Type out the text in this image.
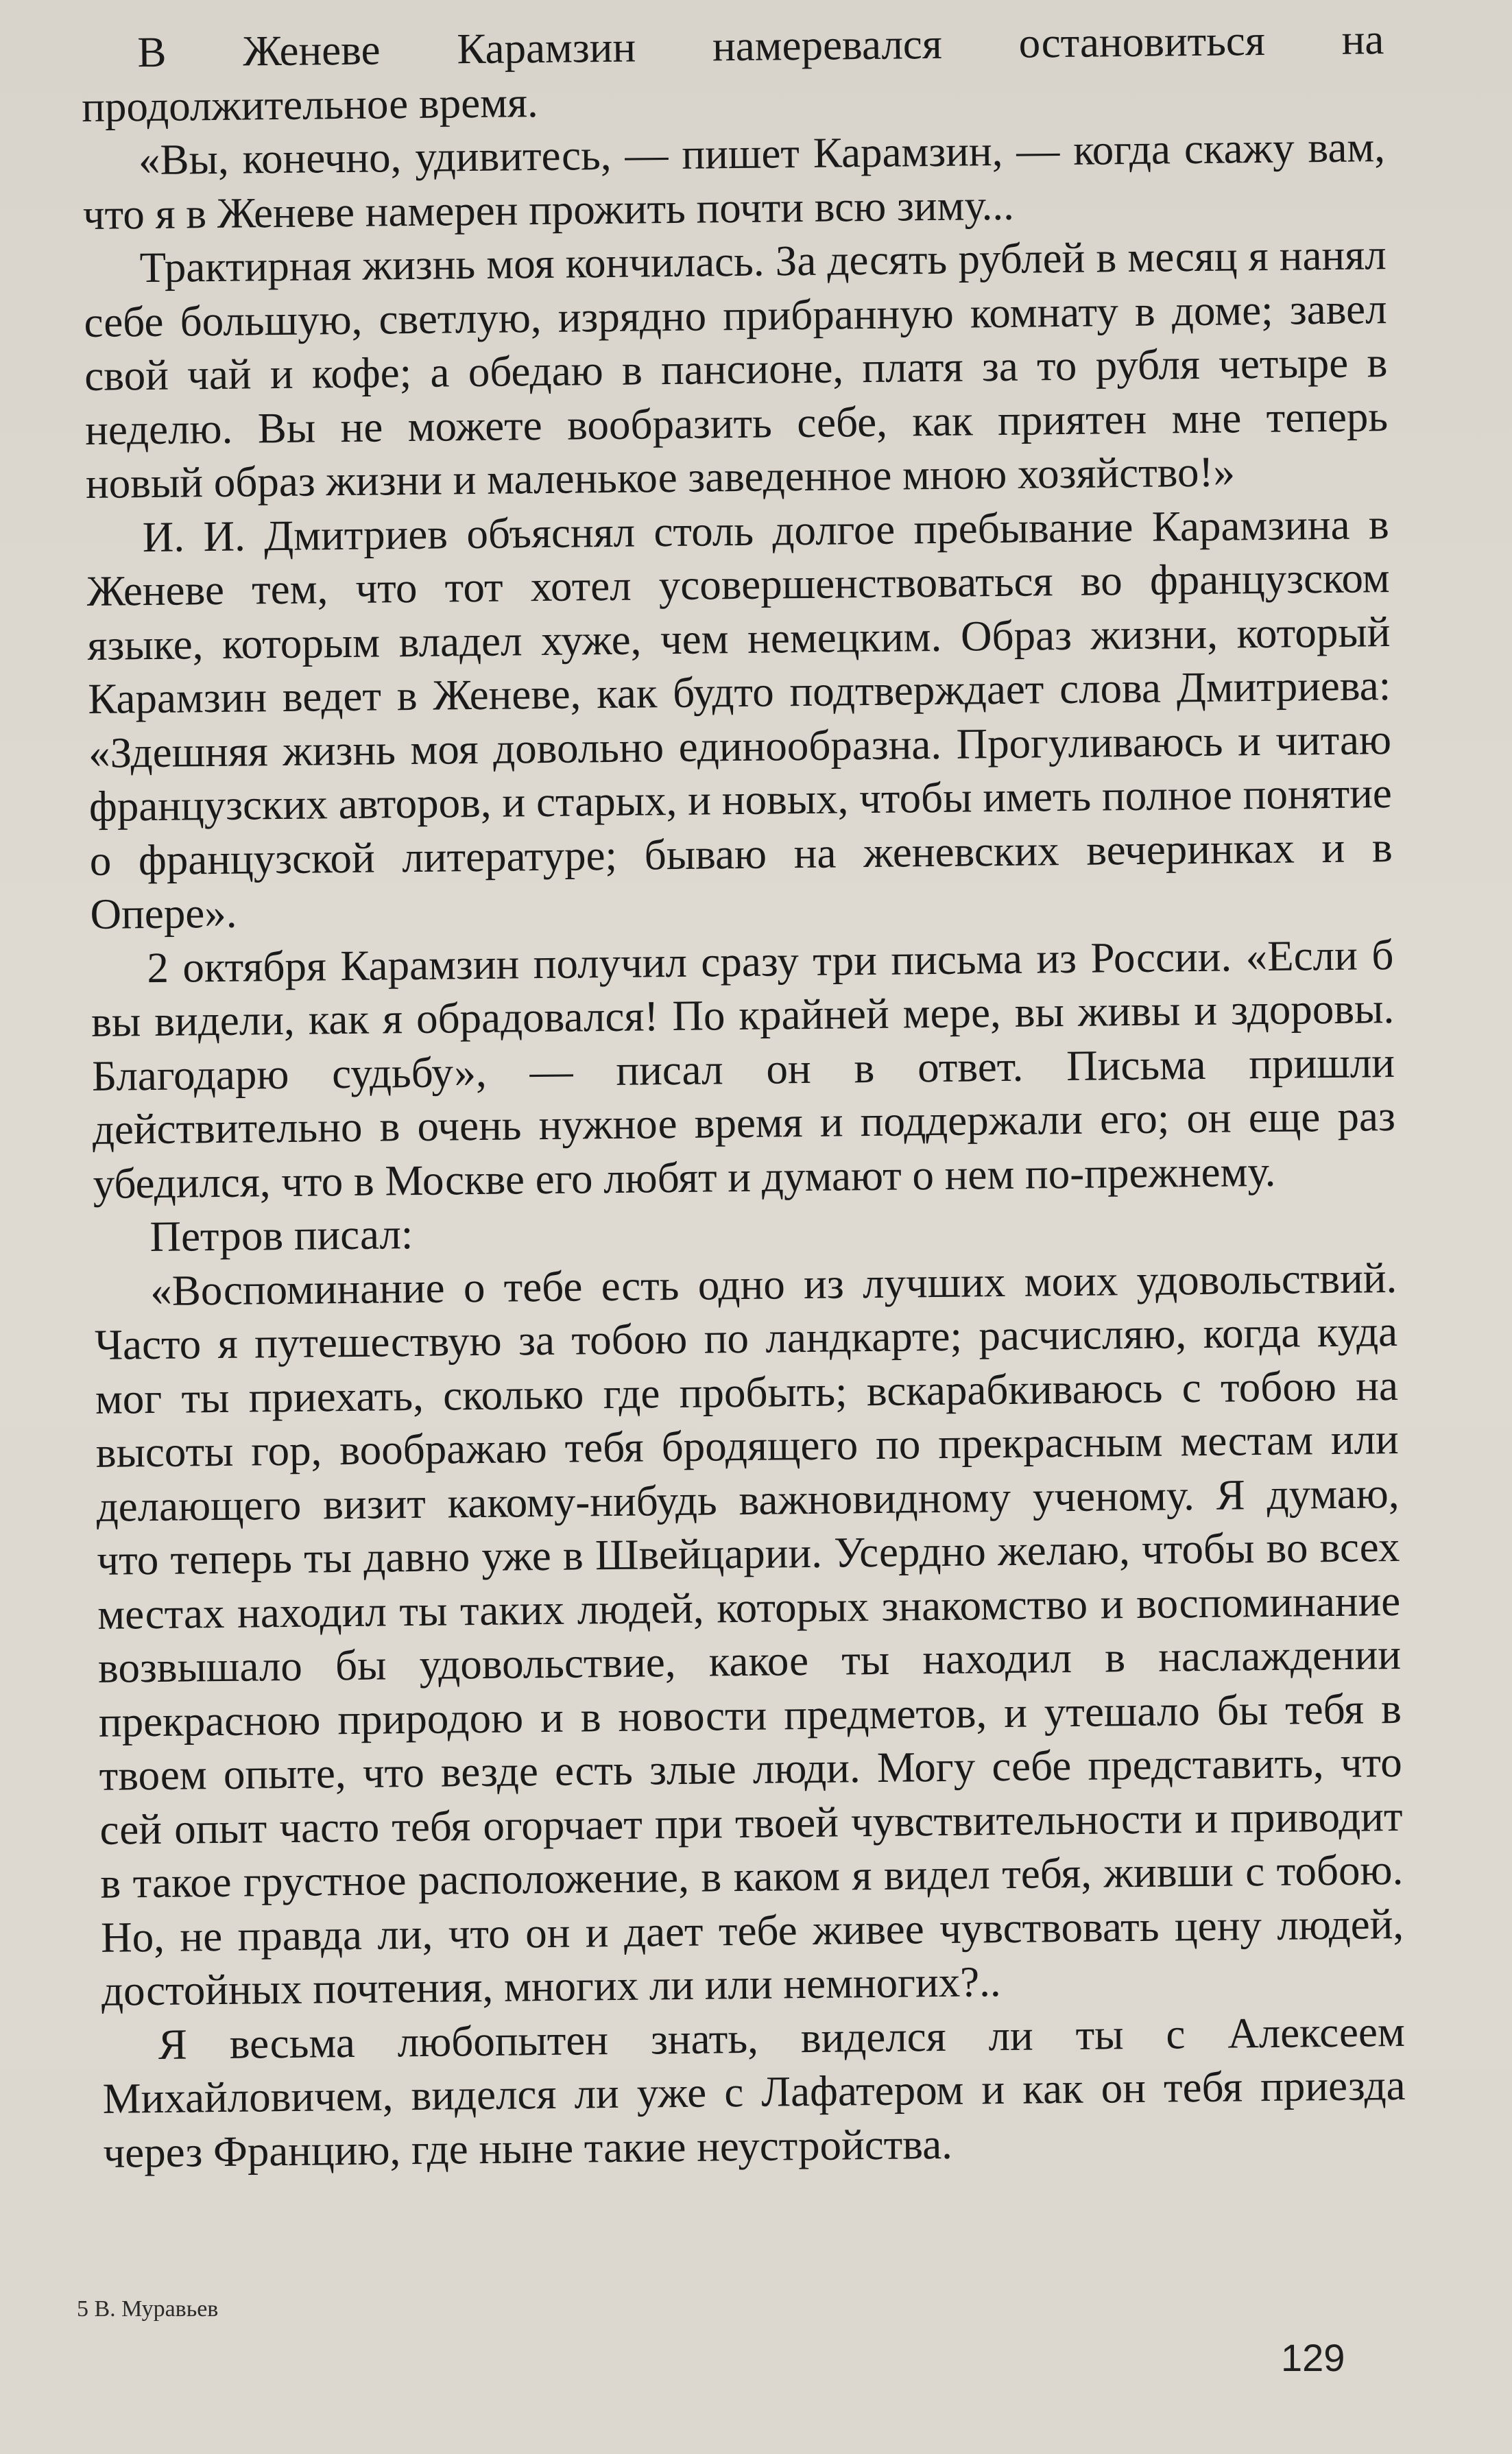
В Женеве Карамзин намеревался остановиться на продолжительное время.

«Вы, конечно, удивитесь, — пишет Карамзин, — когда скажу вам, что я в Женеве намерен прожить почти всю зиму...

Трактирная жизнь моя кончилась. За десять рублей в месяц я нанял себе большую, светлую, изрядно прибранную комнату в доме; завел свой чай и кофе; а обедаю в пансионе, платя за то рубля четыре в неделю. Вы не можете вообразить себе, как приятен мне теперь новый образ жизни и маленькое заведенное мною хозяйство!»

И. И. Дмитриев объяснял столь долгое пребывание Карамзина в Женеве тем, что тот хотел усовершенствоваться во французском языке, которым владел хуже, чем немецким. Образ жизни, который Карамзин ведет в Женеве, как будто подтверждает слова Дмитриева: «Здешняя жизнь моя довольно единообразна. Прогуливаюсь и читаю французских авторов, и старых, и новых, чтобы иметь полное понятие о французской литературе; бываю на женевских вечеринках и в Опере».

2 октября Карамзин получил сразу три письма из России. «Если б вы видели, как я обрадовался! По крайней мере, вы живы и здоровы. Благодарю судьбу», — писал он в ответ. Письма пришли действительно в очень нужное время и поддержали его; он еще раз убедился, что в Москве его любят и думают о нем по-прежнему.

Петров писал:

«Воспоминание о тебе есть одно из лучших моих удовольствий. Часто я путешествую за тобою по ландкарте; расчисляю, когда куда мог ты приехать, сколько где пробыть; вскарабкиваюсь с тобою на высоты гор, воображаю тебя бродящего по прекрасным местам или делающего визит какому-нибудь важновидному ученому. Я думаю, что теперь ты давно уже в Швейцарии. Усердно желаю, чтобы во всех местах находил ты таких людей, которых знакомство и воспоминание возвышало бы удовольствие, какое ты находил в наслаждении прекрасною природою и в новости предметов, и утешало бы тебя в твоем опыте, что везде есть злые люди. Могу себе представить, что сей опыт часто тебя огорчает при твоей чувствительности и приводит в такое грустное расположение, в каком я видел тебя, живши с тобою. Но, не правда ли, что он и дает тебе живее чувствовать цену людей, достойных почтения, многих ли или немногих?..

Я весьма любопытен знать, виделся ли ты с Алексеем Михайловичем, виделся ли уже с Лафатером и как он тебя приезда через Францию, где ныне такие неустройства.

5 В. Муравьев
129
